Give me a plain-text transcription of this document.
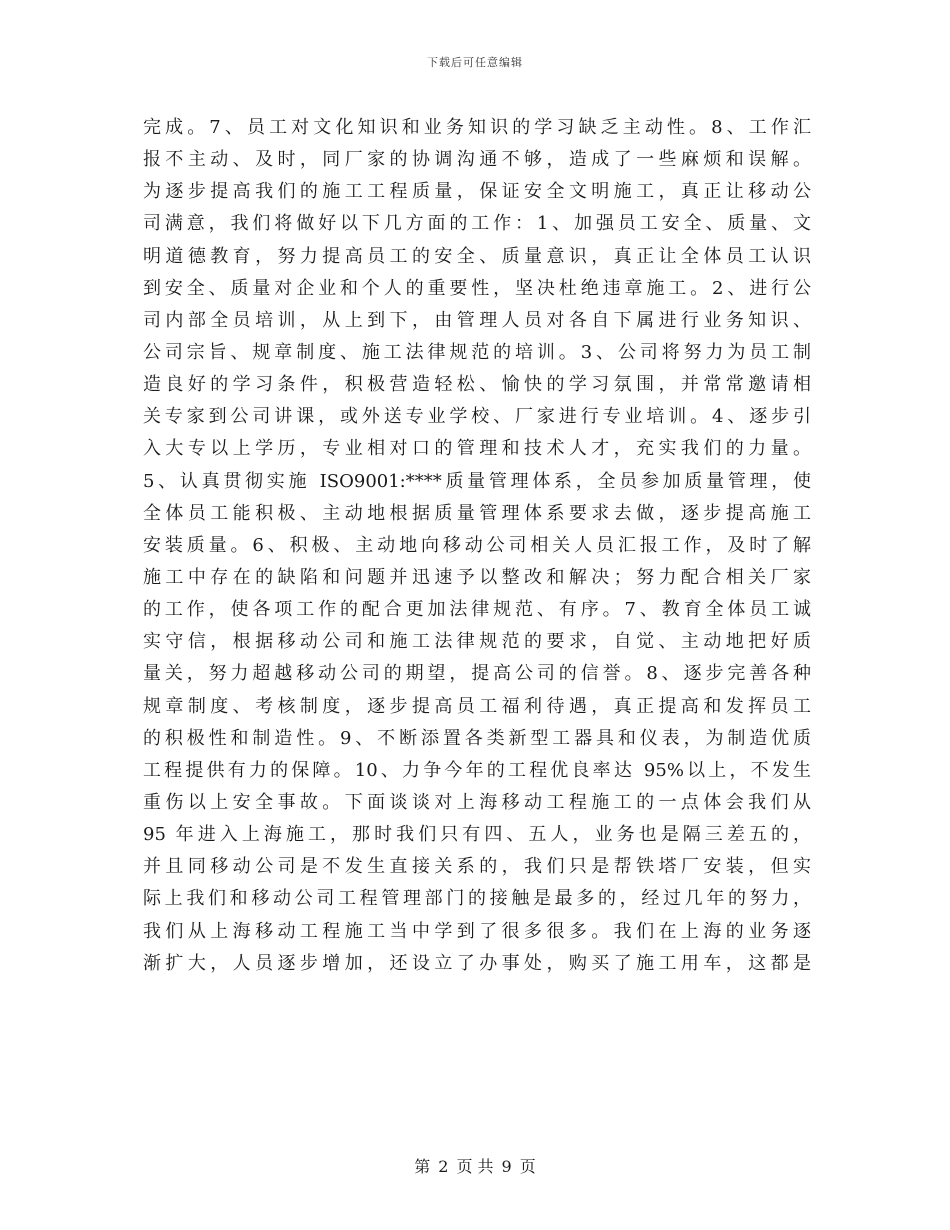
下载后可任意编辑
完成。7、员工对文化知识和业务知识的学习缺乏主动性。8、工作汇
报不主动、及时，同厂家的协调沟通不够，造成了一些麻烦和误解。
为逐步提高我们的施工工程质量，保证安全文明施工，真正让移动公
司满意，我们将做好以下几方面的工作：1、加强员工安全、质量、文
明道德教育，努力提高员工的安全、质量意识，真正让全体员工认识
到安全、质量对企业和个人的重要性，坚决杜绝违章施工。2、进行公
司内部全员培训，从上到下，由管理人员对各自下属进行业务知识、
公司宗旨、规章制度、施工法律规范的培训。3、公司将努力为员工制
造良好的学习条件，积极营造轻松、愉快的学习氛围，并常常邀请相
关专家到公司讲课，或外送专业学校、厂家进行专业培训。4、逐步引
入大专以上学历，专业相对口的管理和技术人才，充实我们的力量。
5、认真贯彻实施 ISO9001:****质量管理体系，全员参加质量管理，使
全体员工能积极、主动地根据质量管理体系要求去做，逐步提高施工
安装质量。6、积极、主动地向移动公司相关人员汇报工作，及时了解
施工中存在的缺陷和问题并迅速予以整改和解决；努力配合相关厂家
的工作，使各项工作的配合更加法律规范、有序。7、教育全体员工诚
实守信，根据移动公司和施工法律规范的要求，自觉、主动地把好质
量关，努力超越移动公司的期望，提高公司的信誉。8、逐步完善各种
规章制度、考核制度，逐步提高员工福利待遇，真正提高和发挥员工
的积极性和制造性。9、不断添置各类新型工器具和仪表，为制造优质
工程提供有力的保障。10、力争今年的工程优良率达 95%以上，不发生
重伤以上安全事故。下面谈谈对上海移动工程施工的一点体会我们从
95 年进入上海施工，那时我们只有四、五人，业务也是隔三差五的，
并且同移动公司是不发生直接关系的，我们只是帮铁塔厂安装，但实
际上我们和移动公司工程管理部门的接触是最多的，经过几年的努力，
我们从上海移动工程施工当中学到了很多很多。我们在上海的业务逐
渐扩大，人员逐步增加，还设立了办事处，购买了施工用车，这都是
第 2 页 共 9 页
